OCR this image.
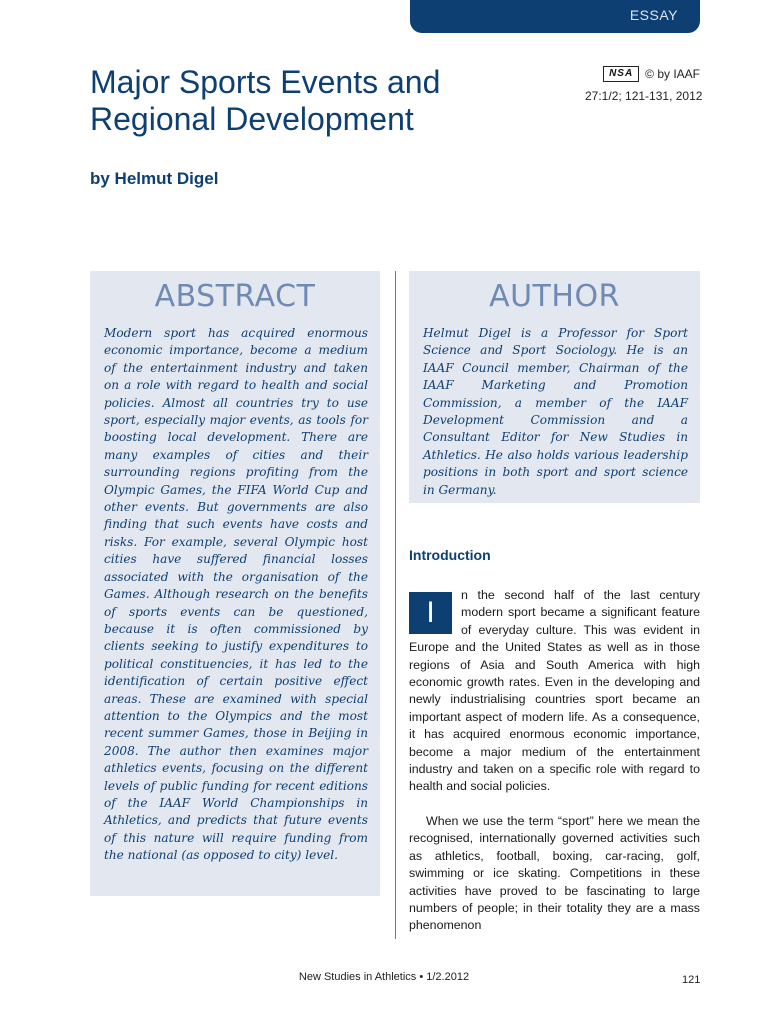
ESSAY
Major Sports Events and Regional Development

by Helmut Digel

NSA © by IAAF
27:1/2; 121-131, 2012
ABSTRACT

Modern sport has acquired enormous economic importance, become a medium of the entertainment industry and taken on a role with regard to health and social policies. Almost all countries try to use sport, especially major events, as tools for boosting local development. There are many examples of cities and their surrounding regions profiting from the Olympic Games, the FIFA World Cup and other events. But governments are also finding that such events have costs and risks. For example, several Olympic host cities have suffered financial losses associated with the organisation of the Games. Although research on the benefits of sports events can be questioned, because it is often commissioned by clients seeking to justify expenditures to political constituencies, it has led to the identification of certain positive effect areas. These are examined with special attention to the Olympics and the most recent summer Games, those in Beijing in 2008. The author then examines major athletics events, focusing on the different levels of public funding for recent editions of the IAAF World Championships in Athletics, and predicts that future events of this nature will require funding from the national (as opposed to city) level.

AUTHOR

Helmut Digel is a Professor for Sport Science and Sport Sociology. He is an IAAF Council member, Chairman of the IAAF Marketing and Promotion Commission, a member of the IAAF Development Commission and a Consultant Editor for New Studies in Athletics. He also holds various leadership positions in both sport and sport science in Germany.

Introduction
I

n the second half of the last century modern sport became a significant feature of everyday culture. This was evident in Europe and the United States as well as in those regions of Asia and South America with high economic growth rates. Even in the developing and newly industrialising countries sport became an important aspect of modern life. As a consequence, it has acquired enormous economic importance, become a major medium of the entertainment industry and taken on a specific role with regard to health and social policies.

When we use the term “sport” here we mean the recognised, internationally governed activities such as athletics, football, boxing, car-racing, golf, swimming or ice skating. Competitions in these activities have proved to be fascinating to large numbers of people; in their totality they are a mass phenomenon

New Studies in Athletics • 1/2.2012	121
